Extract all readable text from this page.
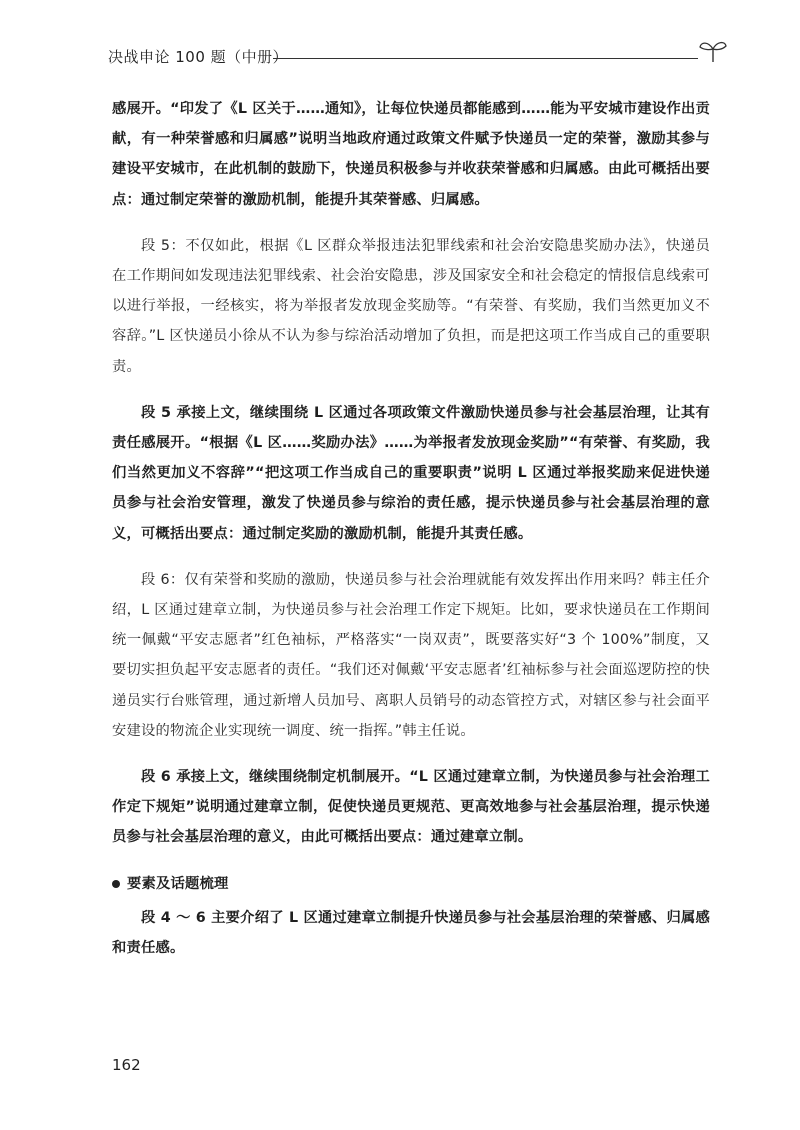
决战申论 100 题（中册）

感展开。“印发了《L 区关于……通知》，让每位快递员都能感到……能为平安城市建设作出贡献，有一种荣誉感和归属感”说明当地政府通过政策文件赋予快递员一定的荣誉，激励其参与建设平安城市，在此机制的鼓励下，快递员积极参与并收获荣誉感和归属感。由此可概括出要点：通过制定荣誉的激励机制，能提升其荣誉感、归属感。

段 5：不仅如此，根据《L 区群众举报违法犯罪线索和社会治安隐患奖励办法》，快递员在工作期间如发现违法犯罪线索、社会治安隐患，涉及国家安全和社会稳定的情报信息线索可以进行举报，一经核实，将为举报者发放现金奖励等。“有荣誉、有奖励，我们当然更加义不容辞。”L 区快递员小徐从不认为参与综治活动增加了负担，而是把这项工作当成自己的重要职责。

段 5 承接上文，继续围绕 L 区通过各项政策文件激励快递员参与社会基层治理，让其有责任感展开。“根据《L 区……奖励办法》……为举报者发放现金奖励”“有荣誉、有奖励，我们当然更加义不容辞”“把这项工作当成自己的重要职责”说明 L 区通过举报奖励来促进快递员参与社会治安管理，激发了快递员参与综治的责任感，提示快递员参与社会基层治理的意义，可概括出要点：通过制定奖励的激励机制，能提升其责任感。

段 6：仅有荣誉和奖励的激励，快递员参与社会治理就能有效发挥出作用来吗？韩主任介绍，L 区通过建章立制，为快递员参与社会治理工作定下规矩。比如，要求快递员在工作期间统一佩戴“平安志愿者”红色袖标，严格落实“一岗双责”，既要落实好“3 个 100%”制度，又要切实担负起平安志愿者的责任。“我们还对佩戴‘平安志愿者’红袖标参与社会面巡逻防控的快递员实行台账管理，通过新增人员加号、离职人员销号的动态管控方式，对辖区参与社会面平安建设的物流企业实现统一调度、统一指挥。”韩主任说。

段 6 承接上文，继续围绕制定机制展开。“L 区通过建章立制，为快递员参与社会治理工作定下规矩”说明通过建章立制，促使快递员更规范、更高效地参与社会基层治理，提示快递员参与社会基层治理的意义，由此可概括出要点：通过建章立制。

要素及话题梳理

段 4 ～ 6 主要介绍了 L 区通过建章立制提升快递员参与社会基层治理的荣誉感、归属感和责任感。

162
